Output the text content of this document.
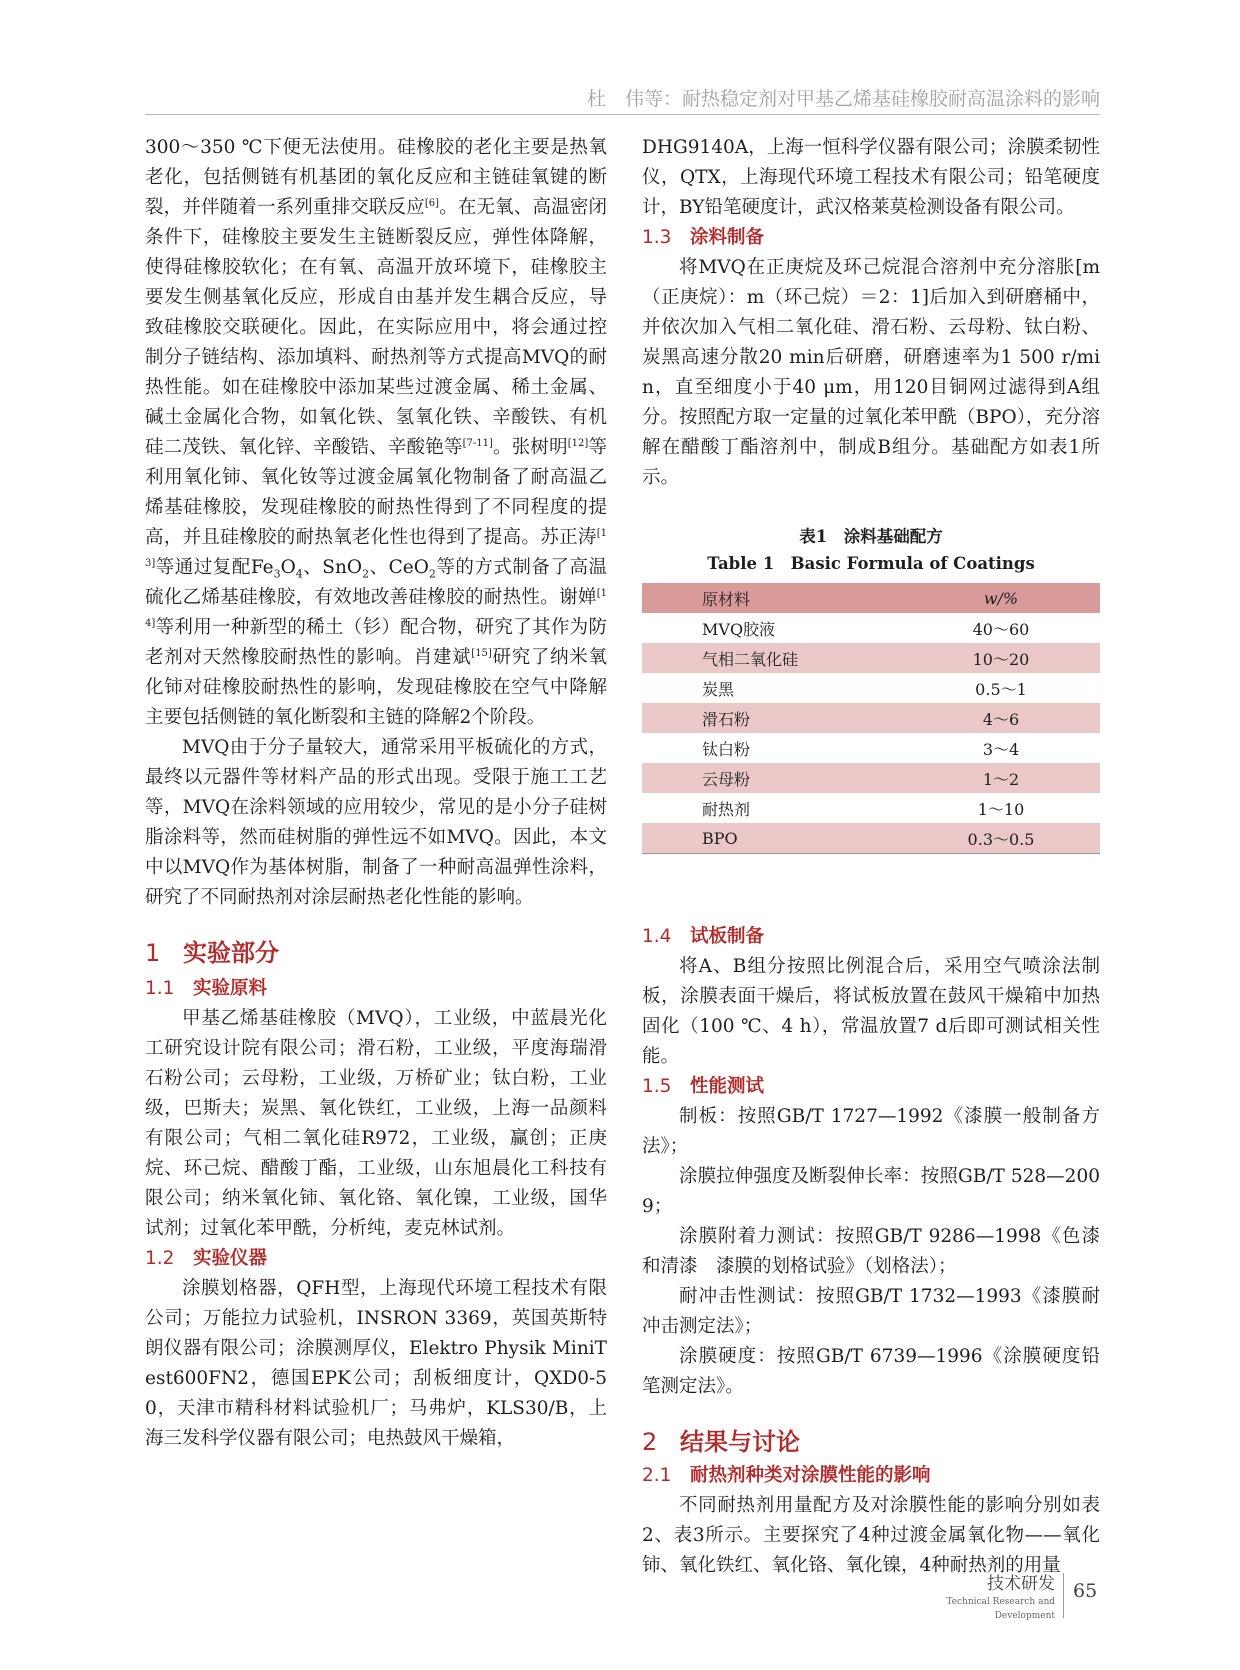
杜　伟等：耐热稳定剂对甲基乙烯基硅橡胶耐高温涂料的影响

300～350 ℃下便无法使用。硅橡胶的老化主要是热氧老化，包括侧链有机基团的氧化反应和主链硅氧键的断裂，并伴随着一系列重排交联反应[6]。在无氧、高温密闭条件下，硅橡胶主要发生主链断裂反应，弹性体降解，使得硅橡胶软化；在有氧、高温开放环境下，硅橡胶主要发生侧基氧化反应，形成自由基并发生耦合反应，导致硅橡胶交联硬化。因此，在实际应用中，将会通过控制分子链结构、添加填料、耐热剂等方式提高MVQ的耐热性能。如在硅橡胶中添加某些过渡金属、稀土金属、碱土金属化合物，如氧化铁、氢氧化铁、辛酸铁、有机硅二茂铁、氧化锌、辛酸锆、辛酸铯等[7-11]。张树明[12]等利用氧化铈、氧化钕等过渡金属氧化物制备了耐高温乙烯基硅橡胶，发现硅橡胶的耐热性得到了不同程度的提高，并且硅橡胶的耐热氧老化性也得到了提高。苏正涛[13]等通过复配$Fe_3O_4$、SnO$_2$、CeO$_2$等的方式制备了高温硫化乙烯基硅橡胶，有效地改善硅橡胶的耐热性。谢婵[14]等利用一种新型的稀土（钐）配合物，研究了其作为防老剂对天然橡胶耐热性的影响。肖建斌[15]研究了纳米氧化铈对硅橡胶耐热性的影响，发现硅橡胶在空气中降解主要包括侧链的氧化断裂和主链的降解2个阶段。

MVQ由于分子量较大，通常采用平板硫化的方式，最终以元器件等材料产品的形式出现。受限于施工工艺等，MVQ在涂料领域的应用较少，常见的是小分子硅树脂涂料等，然而硅树脂的弹性远不如MVQ。因此，本文中以MVQ作为基体树脂，制备了一种耐高温弹性涂料，研究了不同耐热剂对涂层耐热老化性能的影响。

1 实验部分
1.1 实验原料

甲基乙烯基硅橡胶（MVQ），工业级，中蓝晨光化工研究设计院有限公司；滑石粉，工业级，平度海瑞滑石粉公司；云母粉，工业级，万桥矿业；钛白粉，工业级，巴斯夫；炭黑、氧化铁红，工业级，上海一品颜料有限公司；气相二氧化硅R972，工业级，赢创；正庚烷、环己烷、醋酸丁酯，工业级，山东旭晨化工科技有限公司；纳米氧化铈、氧化铬、氧化镍，工业级，国华试剂；过氧化苯甲酰，分析纯，麦克林试剂。

1.2 实验仪器

涂膜划格器，QFH型，上海现代环境工程技术有限公司；万能拉力试验机，INSRON 3369，英国英斯特朗仪器有限公司；涂膜测厚仪，Elektro Physik MiniTest600FN2，德国EPK公司；刮板细度计，QXD0-50，天津市精科材料试验机厂；马弗炉，KLS30/B，上海三发科学仪器有限公司；电热鼓风干燥箱，

DHG9140A，上海一恒科学仪器有限公司；涂膜柔韧性仪，QTX，上海现代环境工程技术有限公司；铅笔硬度计，BY铅笔硬度计，武汉格莱莫检测设备有限公司。

1.3 涂料制备

将MVQ在正庚烷及环己烷混合溶剂中充分溶胀[m（正庚烷）：m（环己烷）＝2：1]后加入到研磨桶中，并依次加入气相二氧化硅、滑石粉、云母粉、钛白粉、炭黑高速分散20 min后研磨，研磨速率为1 500 r/min，直至细度小于40 μm，用120目铜网过滤得到A组分。按照配方取一定量的过氧化苯甲酰（BPO），充分溶解在醋酸丁酯溶剂中，制成B组分。基础配方如表1所示。

表1　涂料基础配方
Table 1　Basic Formula of Coatings
原材料	w/%
MVQ胶液	40～60
气相二氧化硅	10～20
炭黑	0.5～1
滑石粉	4～6
钛白粉	3～4
云母粉	1～2
耐热剂	1～10
BPO	0.3～0.5
1.4 试板制备

将A、B组分按照比例混合后，采用空气喷涂法制板，涂膜表面干燥后，将试板放置在鼓风干燥箱中加热固化（100 ℃、4 h），常温放置7 d后即可测试相关性能。

1.5 性能测试

制板：按照GB/T 1727—1992《漆膜一般制备方法》；

涂膜拉伸强度及断裂伸长率：按照GB/T 528—2009；

涂膜附着力测试：按照GB/T 9286—1998《色漆和清漆　漆膜的划格试验》（划格法）；

耐冲击性测试：按照GB/T 1732—1993《漆膜耐冲击测定法》；

涂膜硬度：按照GB/T 6739—1996《涂膜硬度铅笔测定法》。

2 结果与讨论
2.1 耐热剂种类对涂膜性能的影响

不同耐热剂用量配方及对涂膜性能的影响分别如表2、表3所示。主要探究了4种过渡金属氧化物——氧化铈、氧化铁红、氧化铬、氧化镍，4种耐热剂的用量

技术研发
Technical Research and Development
65
